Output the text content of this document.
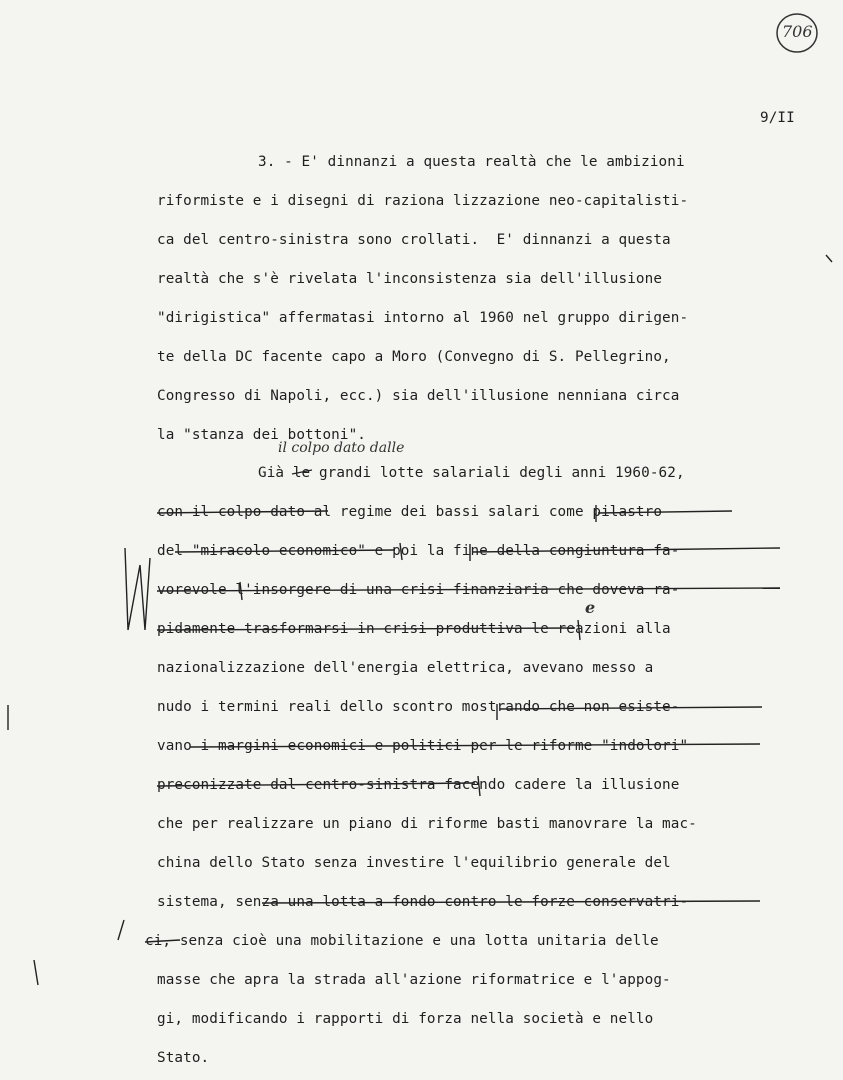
706
9/II
3. - E' dinnanzi a questa realtà che le ambizioni
riformiste e i disegni di raziona lizzazione neo-capitalisti-
ca del centro-sinistra sono crollati.  E' dinnanzi a questa
realtà che s'è rivelata l'inconsistenza sia dell'illusione
"dirigistica" affermatasi intorno al 1960 nel gruppo dirigen-
te della DC facente capo a Moro (Convegno di S. Pellegrino,
Congresso di Napoli, ecc.) sia dell'illusione nenniana circa
la "stanza dei bottoni".
il colpo dato dalle
Già le grandi lotte salariali degli anni 1960-62,
con il colpo dato al regime dei bassi salari come pilastro
del "miracolo economico" e poi la fine della congiuntura fa-
vorevole l'insorgere di una crisi finanziaria che doveva ra-
e
pidamente trasformarsi in crisi produttiva le reazioni alla
nazionalizzazione dell'energia elettrica, avevano messo a
nudo i termini reali dello scontro mostrando che non esiste-
vano i margini economici e politici per le riforme "indolori"
preconizzate dal centro-sinistra facendo cadere la illusione
che per realizzare un piano di riforme basti manovrare la mac-
china dello Stato senza investire l'equilibrio generale del
sistema, senza una lotta a fondo contro le forze conservatri-
ci, senza cioè una mobilitazione e una lotta unitaria delle
masse che apra la strada all'azione riformatrice e l'appog-
gi, modificando i rapporti di forza nella società e nello
Stato.
